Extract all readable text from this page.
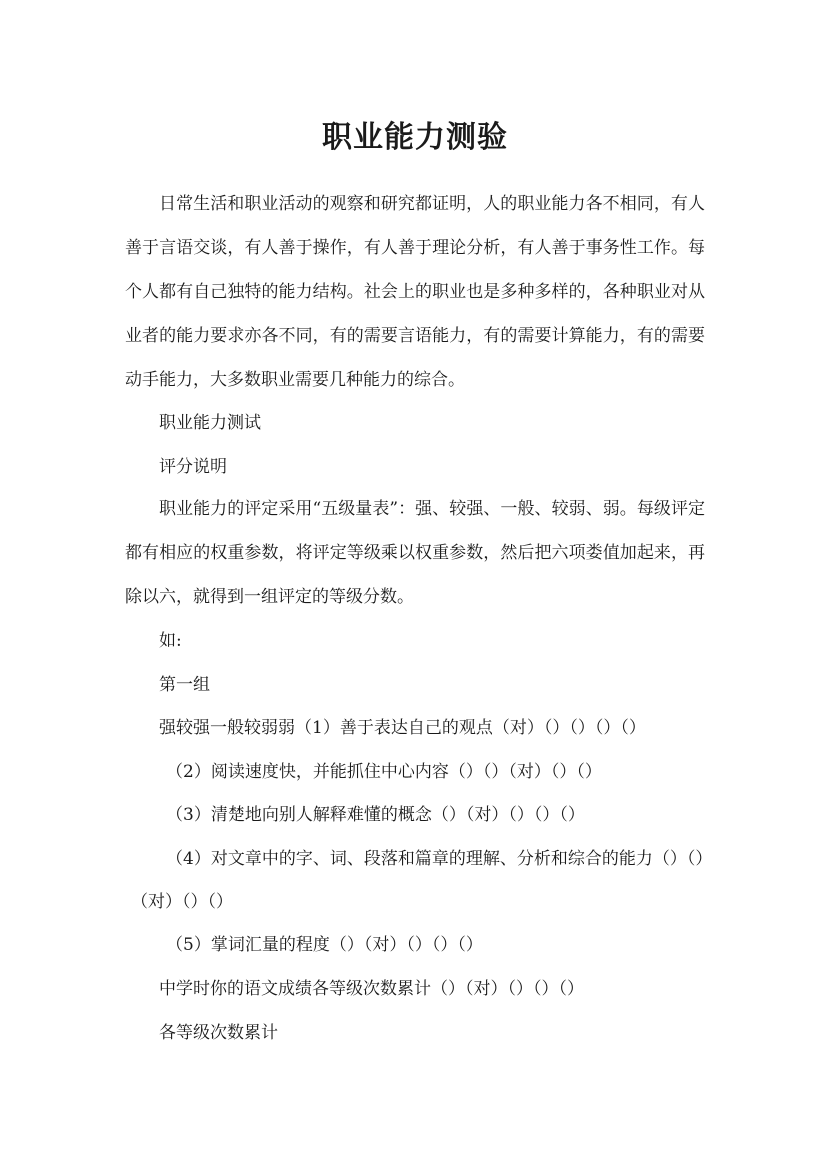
职业能力测验
日常生活和职业活动的观察和研究都证明，人的职业能力各不相同，有人善于言语交谈，有人善于操作，有人善于理论分析，有人善于事务性工作。每个人都有自己独特的能力结构。社会上的职业也是多种多样的，各种职业对从业者的能力要求亦各不同，有的需要言语能力，有的需要计算能力，有的需要动手能力，大多数职业需要几种能力的综合。
职业能力测试
评分说明
职业能力的评定采用“五级量表”：强、较强、一般、较弱、弱。每级评定都有相应的权重参数，将评定等级乘以权重参数，然后把六项娄值加起来，再除以六，就得到一组评定的等级分数。
如:
第一组
强较强一般较弱弱（1）善于表达自己的观点（对）（）（）（）（）
（2）阅读速度快，并能抓住中心内容（）（）（对）（）（）
（3）清楚地向别人解释难懂的概念（）（对）（）（）（）
（4）对文章中的字、词、段落和篇章的理解、分析和综合的能力（）（）
（对）（）（）
（5）掌词汇量的程度（）（对）（）（）（）
中学时你的语文成绩各等级次数累计（）（对）（）（）（）
各等级次数累计
